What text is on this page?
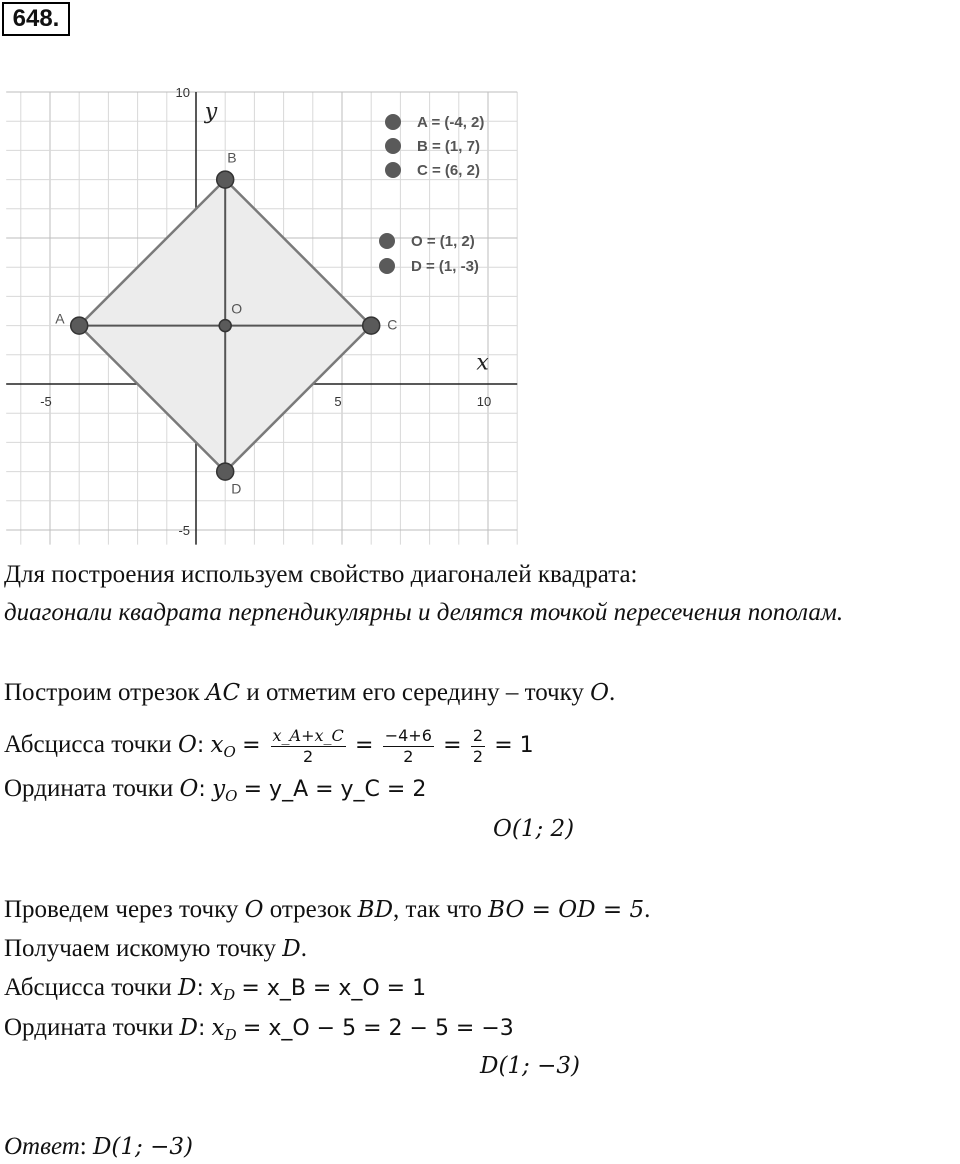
648.
-5	5	10
-5
10
x
y
A
B
C
O
D
A = (-4, 2)
B = (1, 7)
C = (6, 2)
O = (1, 2)
D = (1, -3)
Для построения используем свойство диагоналей квадрата:
диагонали квадрата перпендикулярны и делятся точкой пересечения пополам.
Построим отрезок AC и отметим его середину – точку O.
Абсцисса точки O: $x_O = \frac{x\_A+x\_C}{2} = \frac{-4+6}{2} = \frac{2}{2} = 1$
Ордината точки O: $y_O$ = y_A = y_C = 2
O(1; 2)
Проведем через точку O отрезок BD, так что BO = OD = 5.
Получаем искомую точку D.
Абсцисса точки D: $x_D$ = x_B = x_O = 1
Ордината точки D: $x_D$ = x_O − 5 = 2 − 5 = −3
D(1; −3)
Ответ: D(1; −3)
